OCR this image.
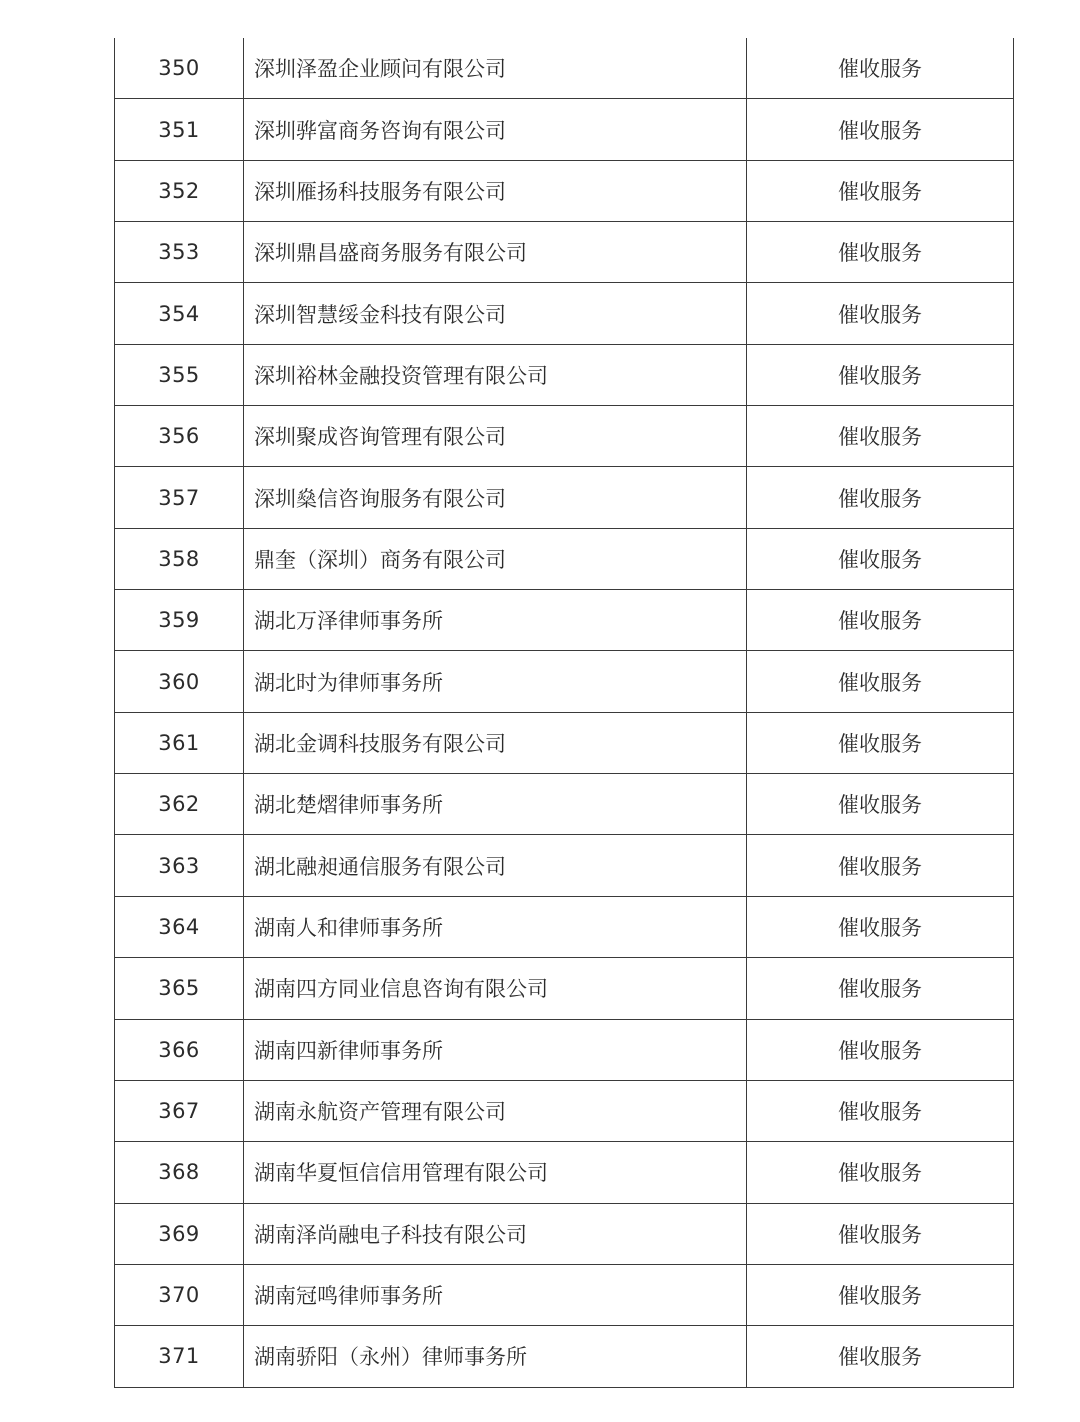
350	深圳泽盈企业顾问有限公司	催收服务
351	深圳骅富商务咨询有限公司	催收服务
352	深圳雁扬科技服务有限公司	催收服务
353	深圳鼎昌盛商务服务有限公司	催收服务
354	深圳智慧绥金科技有限公司	催收服务
355	深圳裕林金融投资管理有限公司	催收服务
356	深圳聚成咨询管理有限公司	催收服务
357	深圳燊信咨询服务有限公司	催收服务
358	鼎奎（深圳）商务有限公司	催收服务
359	湖北万泽律师事务所	催收服务
360	湖北时为律师事务所	催收服务
361	湖北金调科技服务有限公司	催收服务
362	湖北楚熠律师事务所	催收服务
363	湖北融昶通信服务有限公司	催收服务
364	湖南人和律师事务所	催收服务
365	湖南四方同业信息咨询有限公司	催收服务
366	湖南四新律师事务所	催收服务
367	湖南永航资产管理有限公司	催收服务
368	湖南华夏恒信信用管理有限公司	催收服务
369	湖南泽尚融电子科技有限公司	催收服务
370	湖南冠鸣律师事务所	催收服务
371	湖南骄阳（永州）律师事务所	催收服务
